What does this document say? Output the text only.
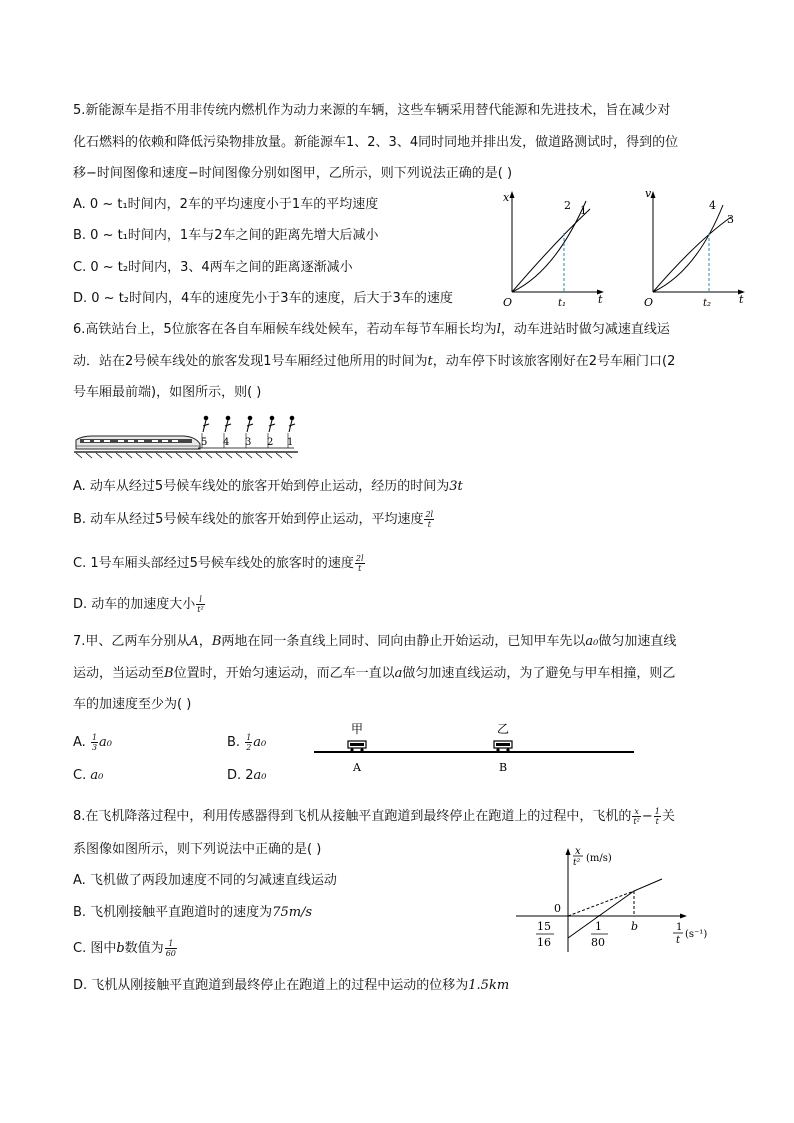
5.新能源车是指不用非传统内燃机作为动力来源的车辆，这些车辆采用替代能源和先进技术，旨在减少对
化石燃料的依赖和降低污染物排放量。新能源车1、2、3、4同时同地并排出发，做道路测试时，得到的位
移−时间图像和速度−时间图像分别如图甲，乙所示，则下列说法正确的是( )
A. 0 ~ t₁时间内，2车的平均速度小于1车的平均速度
B. 0 ~ t₁时间内，1车与2车之间的距离先增大后减小
C. 0 ~ t₂时间内，3、4两车之间的距离逐渐减小
D. 0 ~ t₂时间内，4车的速度先小于3车的速度，后大于3车的速度
x
t
O	t₁
2 1
v
t
O	t₂
4
3
6.高铁站台上，5位旅客在各自车厢候车线处候车，若动车每节车厢长均为l，动车进站时做匀减速直线运
动．站在2号候车线处的旅客发现1号车厢经过他所用的时间为t，动车停下时该旅客刚好在2号车厢门口(2
号车厢最前端)，如图所示，则( )
5 4 3 2 1
A. 动车从经过5号候车线处的旅客开始到停止运动，经历的时间为3t
B. 动车从经过5号候车线处的旅客开始到停止运动，平均速度 $\frac{2l}{t}$
C. 1号车厢头部经过5号候车线处的旅客时的速度 $\frac{2l}{t}$
D. 动车的加速度大小 $\frac{l}{\text{t²}}$
7.甲、乙两车分别从A，B两地在同一条直线上同时、同向由静止开始运动，已知甲车先以a₀做匀加速直线
运动，当运动至B位置时，开始匀速运动，而乙车一直以a做匀加速直线运动，为了避免与甲车相撞，则乙
车的加速度至少为( )
A. $\frac{1}{3} a_0$	B. $\frac{1}{2} a_0$
C. a₀	D. 2a₀
甲	乙
A	B
8.在飞机降落过程中，利用传感器得到飞机从接触平直跑道到最终停止在跑道上的过程中，飞机的 $\frac{x}{\text{t²}} - \frac{1}{t}$ 关
系图像如图所示，则下列说法中正确的是( )
A. 飞机做了两段加速度不同的匀减速直线运动
B. 飞机刚接触平直跑道时的速度为75m/s
C. 图中b数值为 $\frac{1}{60}$
D. 飞机从刚接触平直跑道到最终停止在跑道上的过程中运动的位移为1.5km
x
t² (m/s)
0
15
16
1
80
b	1
t
(s⁻¹)
